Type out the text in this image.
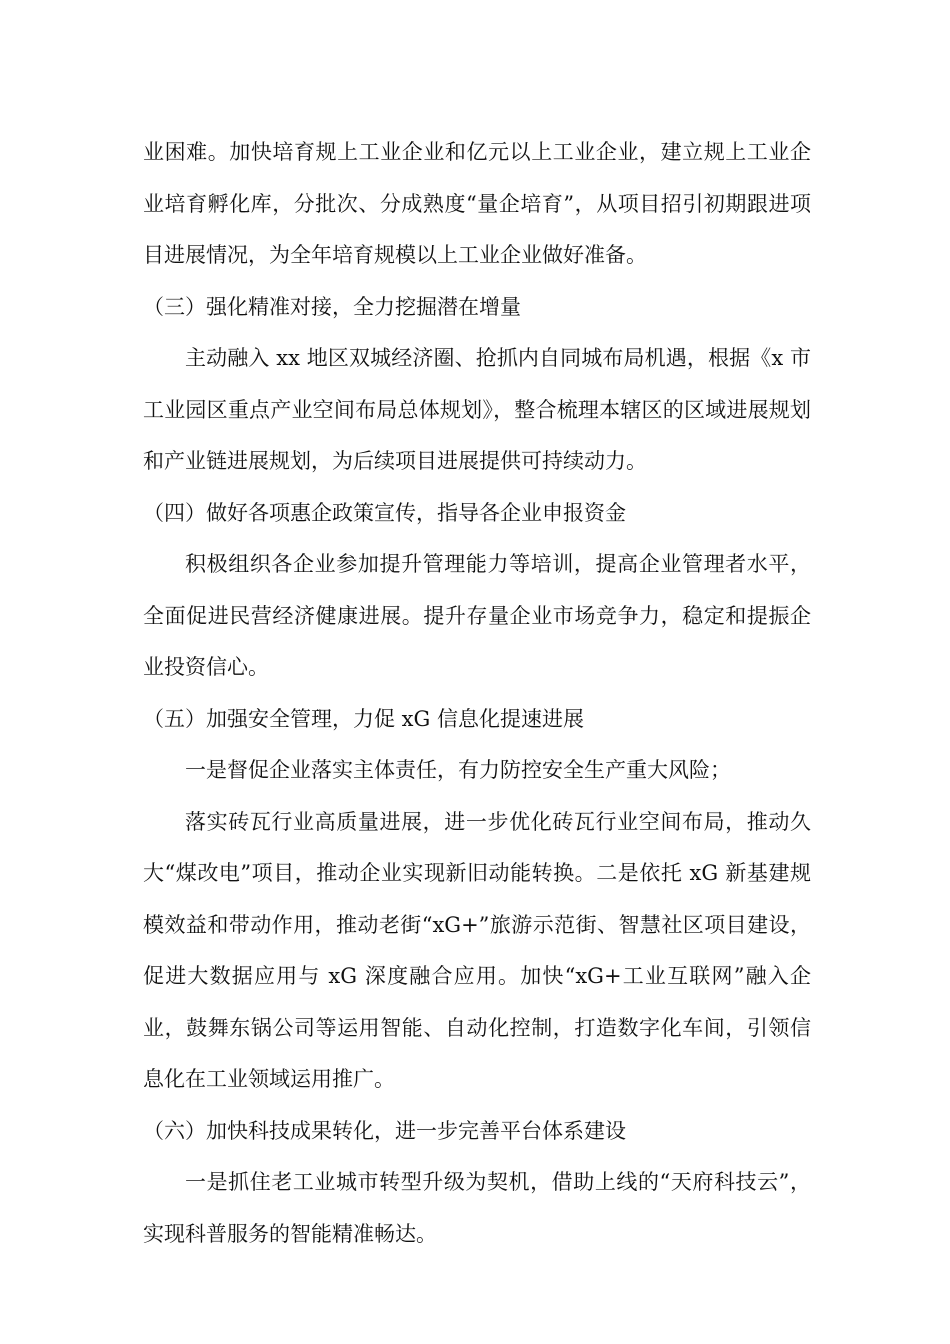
业困难。加快培育规上工业企业和亿元以上工业企业，建立规上工业企业培育孵化库，分批次、分成熟度“量企培育”，从项目招引初期跟进项目进展情况，为全年培育规模以上工业企业做好准备。

（三）强化精准对接，全力挖掘潜在增量

主动融入 xx 地区双城经济圈、抢抓内自同城布局机遇，根据《x 市工业园区重点产业空间布局总体规划》，整合梳理本辖区的区域进展规划和产业链进展规划，为后续项目进展提供可持续动力。

（四）做好各项惠企政策宣传，指导各企业申报资金

积极组织各企业参加提升管理能力等培训，提高企业管理者水平，全面促进民营经济健康进展。提升存量企业市场竞争力，稳定和提振企业投资信心。

（五）加强安全管理，力促 xG 信息化提速进展

一是督促企业落实主体责任，有力防控安全生产重大风险；

落实砖瓦行业高质量进展，进一步优化砖瓦行业空间布局，推动久大“煤改电”项目，推动企业实现新旧动能转换。二是依托 xG 新基建规模效益和带动作用，推动老街“xG+”旅游示范街、智慧社区项目建设，促进大数据应用与 xG 深度融合应用。加快“xG+工业互联网”融入企业，鼓舞东锅公司等运用智能、自动化控制，打造数字化车间，引领信息化在工业领域运用推广。

（六）加快科技成果转化，进一步完善平台体系建设

一是抓住老工业城市转型升级为契机，借助上线的“天府科技云”，实现科普服务的智能精准畅达。
